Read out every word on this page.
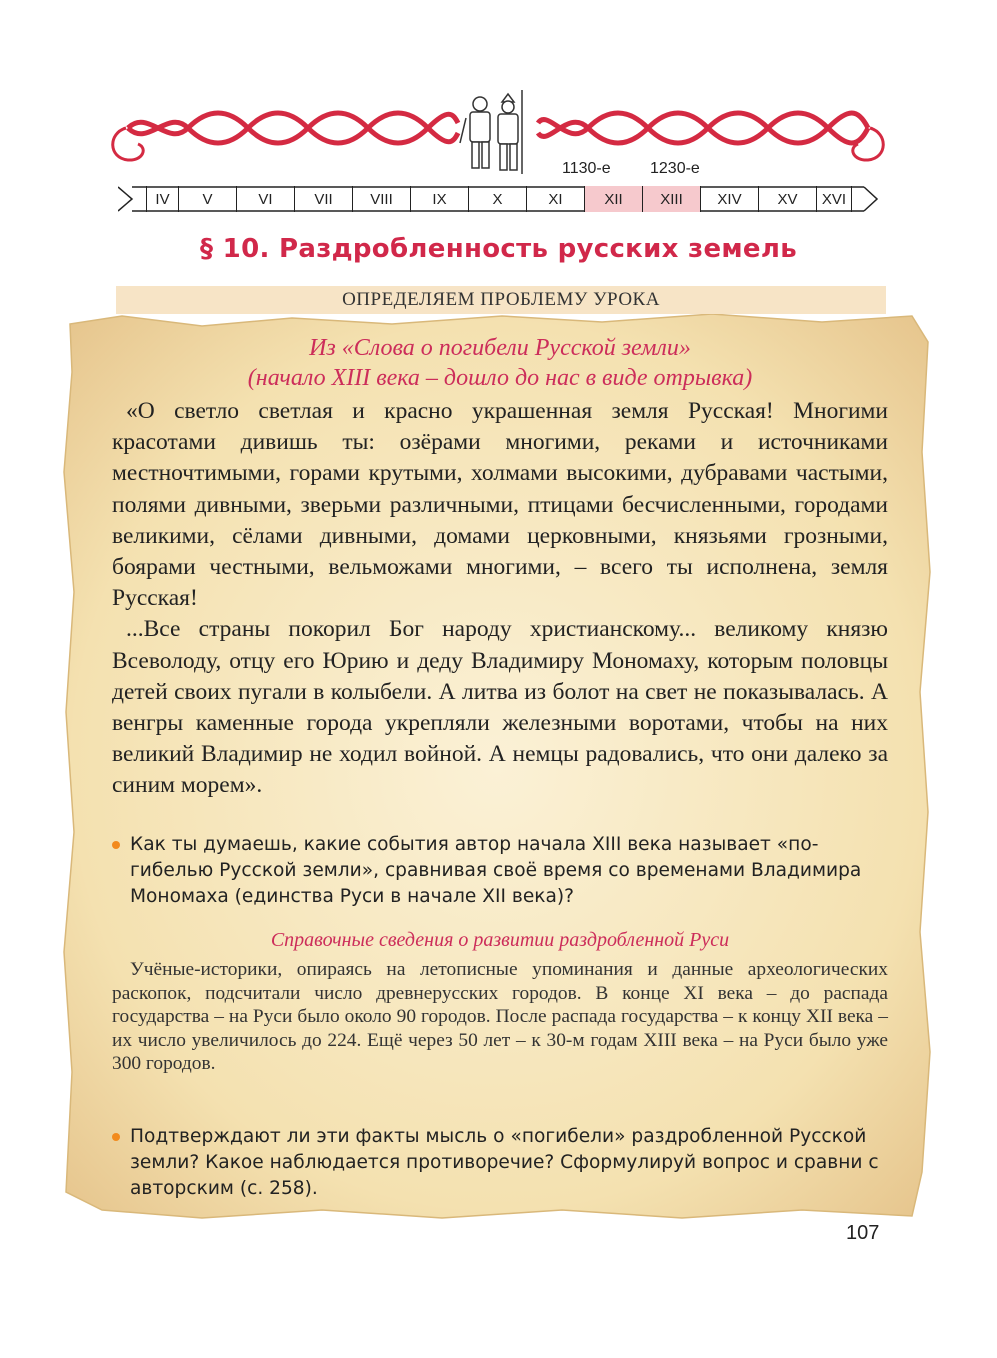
IV	V	VI	VII	VIII	IX	X	XI	XII	XIII	XIV	XV	XVI
1130-е 1230-е
§ 10. Раздробленность русских земель
ОПРЕДЕЛЯЕМ ПРОБЛЕМУ УРОКА
Из «Слова о погибели Русской земли»
(начало XIII века – дошло до нас в виде отрывка)

«О светло светлая и красно украшенная земля Русская! Многими красотами дивишь ты: озёрами многими, реками и источниками местночтимыми, горами крутыми, холмами высокими, дубравами частыми, полями дивными, зверьми различными, птицами бесчисленными, городами великими, сёлами дивными, домами церковными, князьями грозными, боярами честными, вельможами многими, – всего ты исполнена, земля Русская!

...Все страны покорил Бог народу христианскому... великому князю Всеволоду, отцу его Юрию и деду Владимиру Мономаху, которым половцы детей своих пугали в колыбели. А литва из болот на свет не показывалась. А венгры каменные города укрепляли железными воротами, чтобы на них великий Владимир не ходил войной. А немцы радовались, что они далеко за синим морем».

Как ты думаешь, какие события автор начала XIII века называет «погибелью Русской земли», сравнивая своё время со временами Владимира Мономаха (единства Руси в начале XII века)?
Справочные сведения о развитии раздробленной Руси

Учёные-историки, опираясь на летописные упоминания и данные археологических раскопок, подсчитали число древнерусских городов. В конце XI века – до распада государства – на Руси было около 90 городов. После распада государства – к концу XII века – их число увеличилось до 224. Ещё через 50 лет – к 30-м годам XIII века – на Руси было уже 300 городов.

Подтверждают ли эти факты мысль о «погибели» раздробленной Русской земли? Какое наблюдается противоречие? Сформулируй вопрос и сравни с авторским (с. 258).
107
